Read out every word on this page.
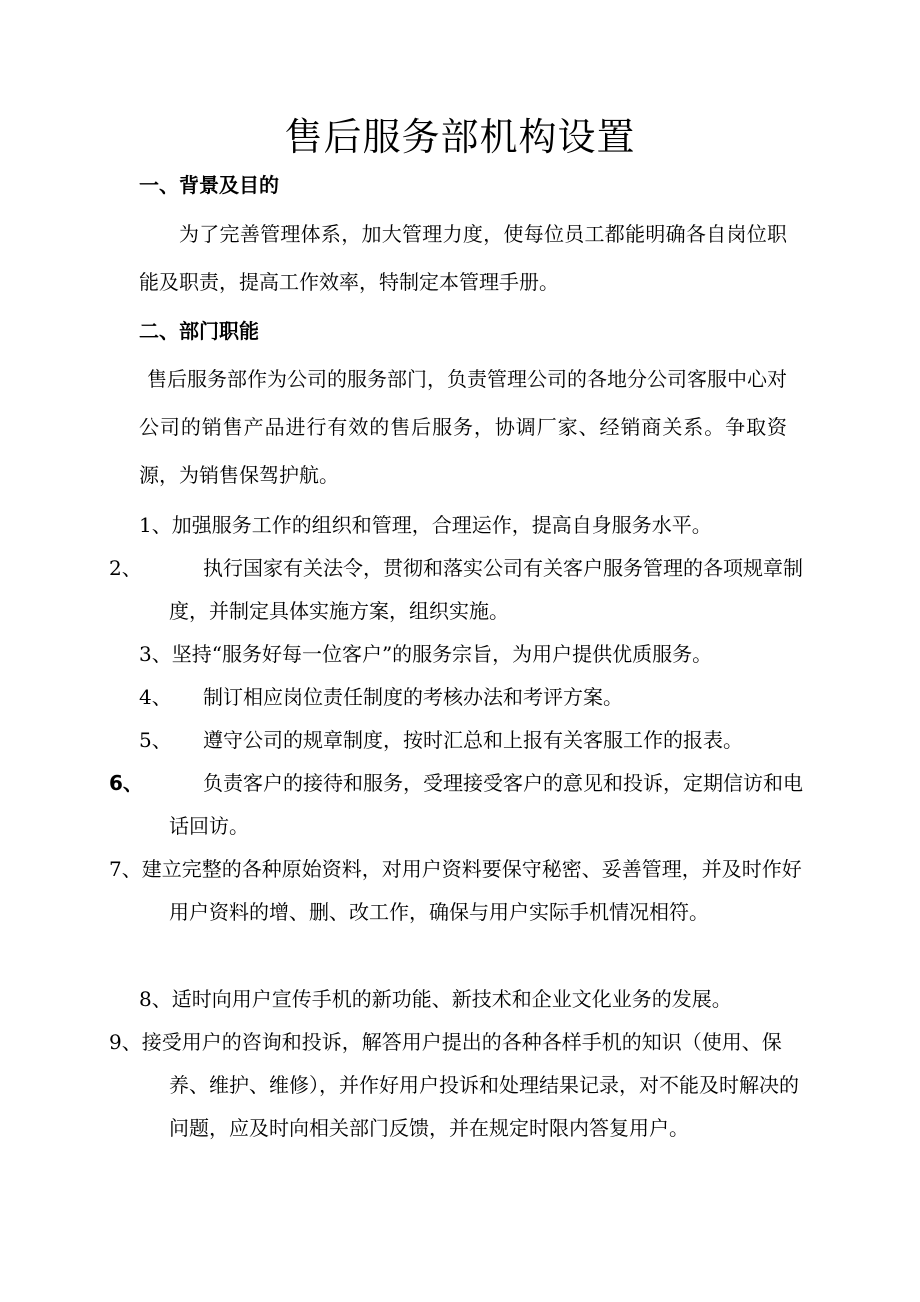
售后服务部机构设置
一、背景及目的
为了完善管理体系，加大管理力度，使每位员工都能明确各自岗位职能及职责，提高工作效率，特制定本管理手册。
二、部门职能
售后服务部作为公司的服务部门，负责管理公司的各地分公司客服中心对公司的销售产品进行有效的售后服务，协调厂家、经销商关系。争取资源，为销售保驾护航。
1、加强服务工作的组织和管理，合理运作，提高自身服务水平。
2、	执行国家有关法令，贯彻和落实公司有关客户服务管理的各项规章制度，并制定具体实施方案，组织实施。
3、坚持“服务好每一位客户”的服务宗旨，为用户提供优质服务。
4、 制订相应岗位责任制度的考核办法和考评方案。
5、 遵守公司的规章制度，按时汇总和上报有关客服工作的报表。
6、	负责客户的接待和服务，受理接受客户的意见和投诉，定期信访和电话回访。
7、建立完整的各种原始资料，对用户资料要保守秘密、妥善管理，并及时作好用户资料的增、删、改工作，确保与用户实际手机情况相符。
8、适时向用户宣传手机的新功能、新技术和企业文化业务的发展。
9、接受用户的咨询和投诉，解答用户提出的各种各样手机的知识（使用、保养、维护、维修），并作好用户投诉和处理结果记录，对不能及时解决的问题，应及时向相关部门反馈，并在规定时限内答复用户。
